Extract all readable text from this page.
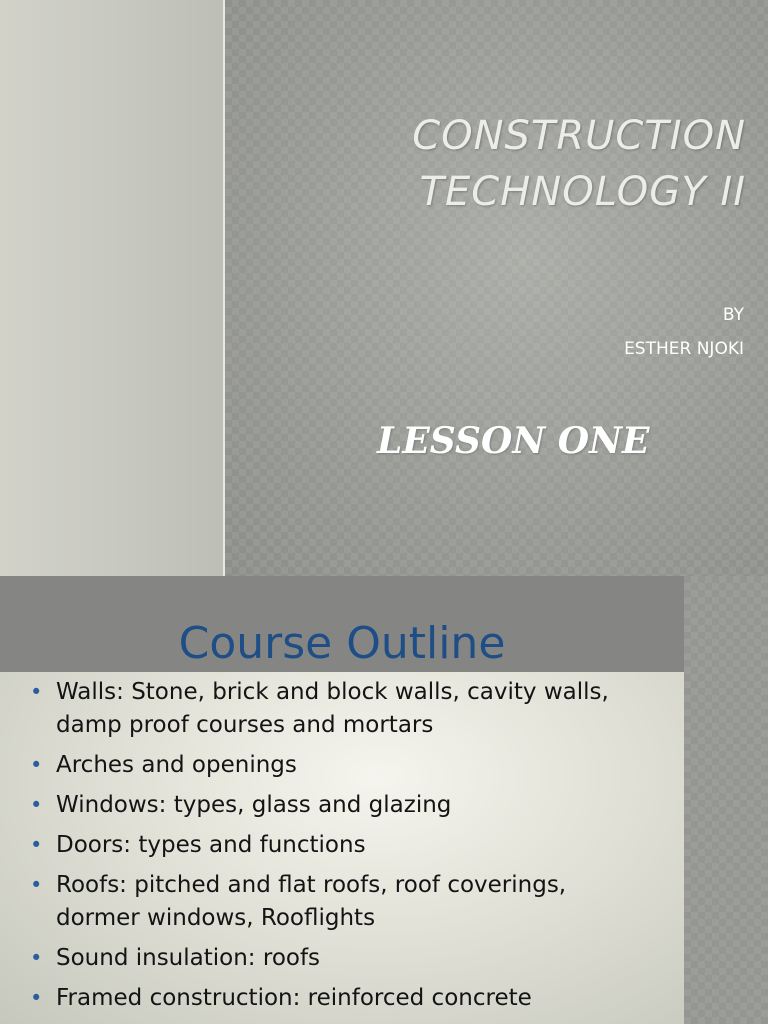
CONSTRUCTION
TECHNOLOGY II
BY
ESTHER NJOKI
LESSON ONE
Course Outline
• Walls: Stone, brick and block walls, cavity walls, damp proof courses and mortars
• Arches and openings
• Windows: types, glass and glazing
• Doors: types and functions
• Roofs: pitched and flat roofs, roof coverings, dormer windows, Rooflights
• Sound insulation: roofs
• Framed construction: reinforced concrete
